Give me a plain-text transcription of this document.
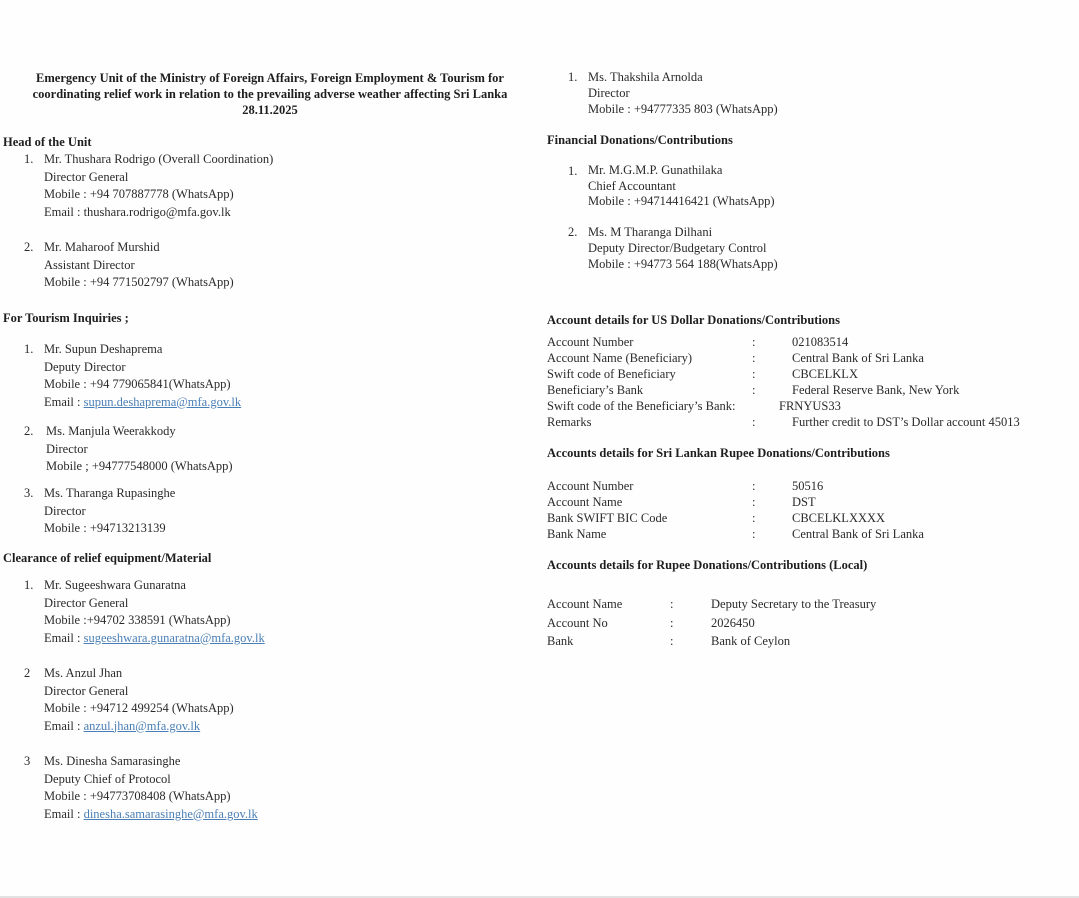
Emergency Unit of the Ministry of Foreign Affairs, Foreign Employment & Tourism for
coordinating relief work in relation to the prevailing adverse weather affecting Sri Lanka
28.11.2025
Head of the Unit
1. Mr. Thushara Rodrigo (Overall Coordination)
Director General
Mobile : +94 707887778 (WhatsApp)
Email : thushara.rodrigo@mfa.gov.lk
2. Mr. Maharoof Murshid
Assistant Director
Mobile : +94 771502797 (WhatsApp)
For Tourism Inquiries ;
1. Mr. Supun Deshaprema
Deputy Director
Mobile : +94 779065841(WhatsApp)
Email : supun.deshaprema@mfa.gov.lk
2. Ms. Manjula Weerakkody
Director
Mobile ; +94777548000 (WhatsApp)
3. Ms. Tharanga Rupasinghe
Director
Mobile : +94713213139
Clearance of relief equipment/Material
1. Mr. Sugeeshwara Gunaratna
Director General
Mobile :+94702 338591 (WhatsApp)
Email : sugeeshwara.gunaratna@mfa.gov.lk
2 Ms. Anzul Jhan
Director General
Mobile : +94712 499254 (WhatsApp)
Email : anzul.jhan@mfa.gov.lk
3 Ms. Dinesha Samarasinghe
Deputy Chief of Protocol
Mobile : +94773708408 (WhatsApp)
Email : dinesha.samarasinghe@mfa.gov.lk
1. Ms. Thakshila Arnolda
Director
Mobile : +94777335 803 (WhatsApp)
Financial Donations/Contributions
1. Mr. M.G.M.P. Gunathilaka
Chief Accountant
Mobile : +94714416421 (WhatsApp)
2. Ms. M Tharanga Dilhani
Deputy Director/Budgetary Control
Mobile : +94773 564 188(WhatsApp)
Account details for US Dollar Donations/Contributions
Account Number	:	021083514
Account Name (Beneficiary)	:	Central Bank of Sri Lanka
Swift code of Beneficiary	:	CBCELKLX
Beneficiary’s Bank	:	Federal Reserve Bank, New York
Swift code of the Beneficiary’s Bank:	FRNYUS33
Remarks	:	Further credit to DST’s Dollar account 45013
Accounts details for Sri Lankan Rupee Donations/Contributions
Account Number	:	50516
Account Name	:	DST
Bank SWIFT BIC Code	:	CBCELKLXXXX
Bank Name	:	Central Bank of Sri Lanka
Accounts details for Rupee Donations/Contributions (Local)
Account Name	:	Deputy Secretary to the Treasury
Account No	:	2026450
Bank	:	Bank of Ceylon
